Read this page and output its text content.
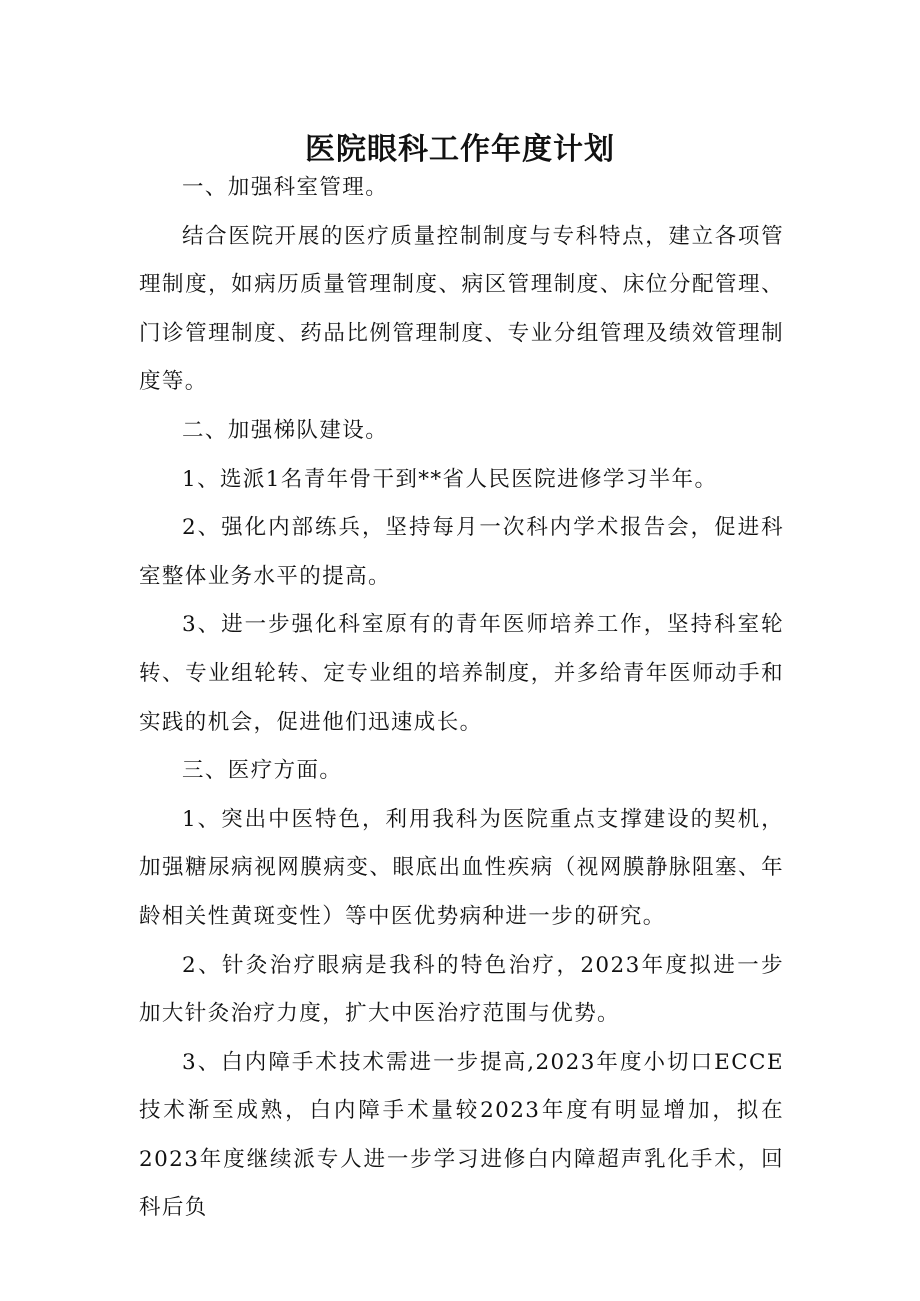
医院眼科工作年度计划

一、加强科室管理。

结合医院开展的医疗质量控制制度与专科特点，建立各项管理制度，如病历质量管理制度、病区管理制度、床位分配管理、门诊管理制度、药品比例管理制度、专业分组管理及绩效管理制度等。

二、加强梯队建设。

1、选派1名青年骨干到**省人民医院进修学习半年。

2、强化内部练兵，坚持每月一次科内学术报告会，促进科室整体业务水平的提高。

3、进一步强化科室原有的青年医师培养工作，坚持科室轮转、专业组轮转、定专业组的培养制度，并多给青年医师动手和实践的机会，促进他们迅速成长。

三、医疗方面。

1、突出中医特色，利用我科为医院重点支撑建设的契机，加强糖尿病视网膜病变、眼底出血性疾病（视网膜静脉阻塞、年龄相关性黄斑变性）等中医优势病种进一步的研究。

2、针灸治疗眼病是我科的特色治疗，2023年度拟进一步加大针灸治疗力度，扩大中医治疗范围与优势。

3、白内障手术技术需进一步提高,2023年度小切口ECCE技术渐至成熟，白内障手术量较2023年度有明显增加，拟在2023年度继续派专人进一步学习进修白内障超声乳化手术，回科后负
